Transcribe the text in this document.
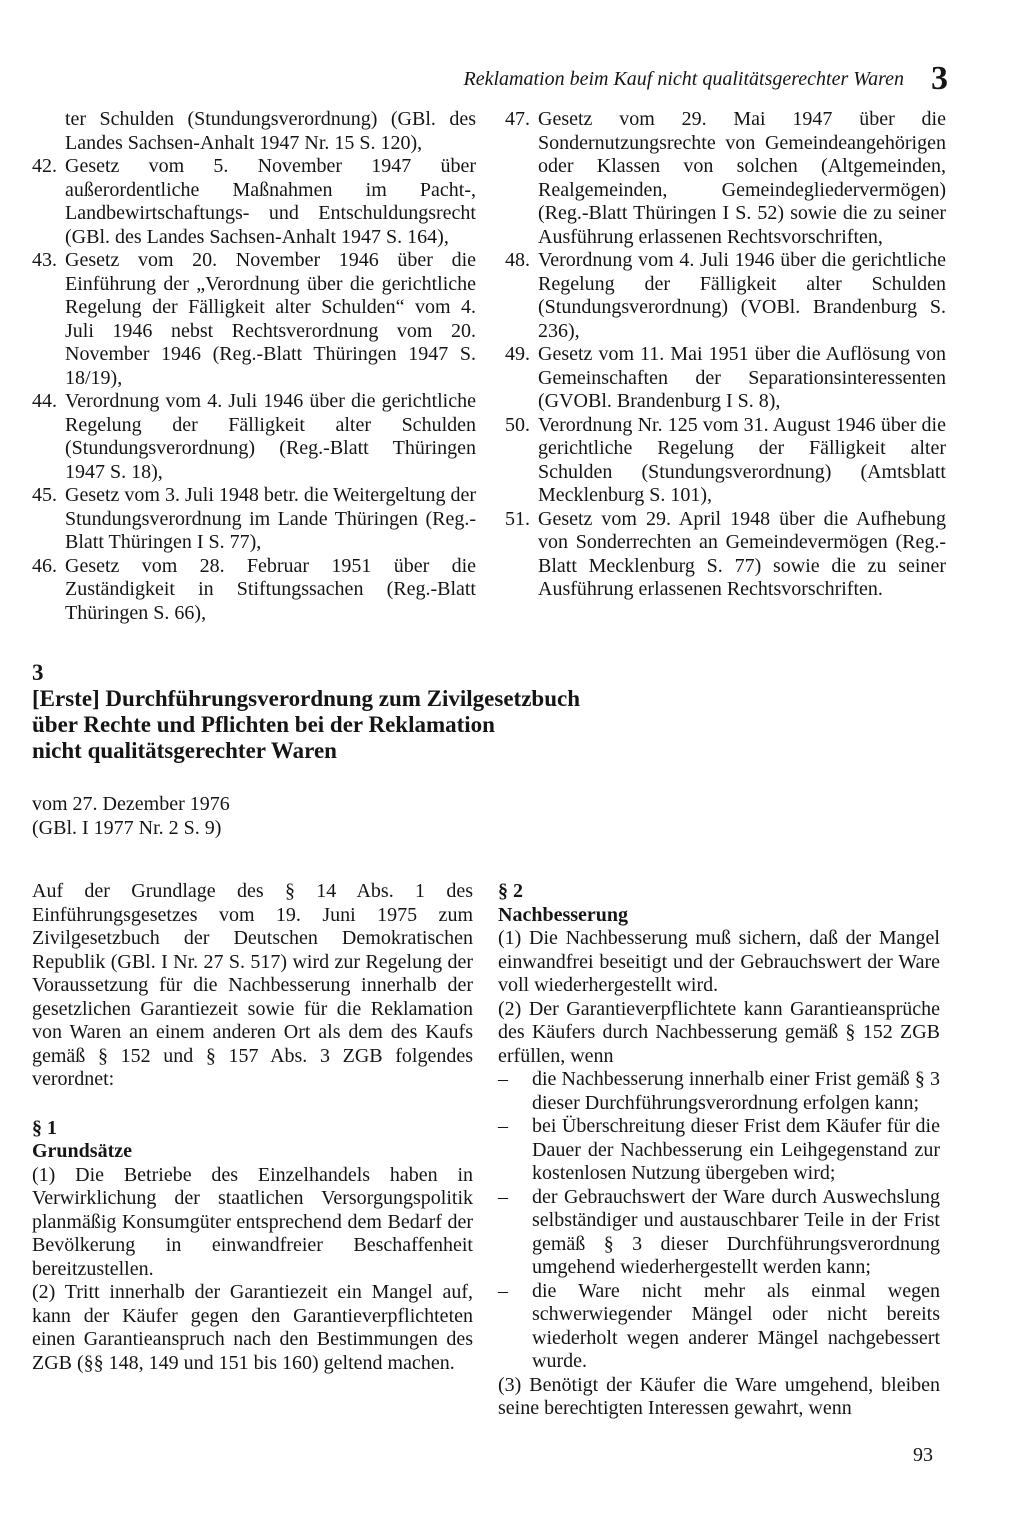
Reklamation beim Kauf nicht qualitätsgerechter Waren 3
ter Schulden (Stundungsverordnung) (GBl. des Landes Sachsen-Anhalt 1947 Nr. 15 S. 120),
42. Gesetz vom 5. November 1947 über außerordentliche Maßnahmen im Pacht-, Landbewirtschaftungs- und Entschuldungsrecht (GBl. des Landes Sachsen-Anhalt 1947 S. 164),
43. Gesetz vom 20. November 1946 über die Einführung der „Verordnung über die gerichtliche Regelung der Fälligkeit alter Schulden“ vom 4. Juli 1946 nebst Rechtsverordnung vom 20. November 1946 (Reg.-Blatt Thüringen 1947 S. 18/19),
44. Verordnung vom 4. Juli 1946 über die gerichtliche Regelung der Fälligkeit alter Schulden (Stundungsverordnung) (Reg.-Blatt Thüringen 1947 S. 18),
45. Gesetz vom 3. Juli 1948 betr. die Weitergeltung der Stundungsverordnung im Lande Thüringen (Reg.-Blatt Thüringen I S. 77),
46. Gesetz vom 28. Februar 1951 über die Zuständigkeit in Stiftungssachen (Reg.-Blatt Thüringen S. 66),
47. Gesetz vom 29. Mai 1947 über die Sondernutzungsrechte von Gemeindeangehörigen oder Klassen von solchen (Altgemeinden, Realgemeinden, Gemeindegliedervermögen) (Reg.-Blatt Thüringen I S. 52) sowie die zu seiner Ausführung erlassenen Rechtsvorschriften,
48. Verordnung vom 4. Juli 1946 über die gerichtliche Regelung der Fälligkeit alter Schulden (Stundungsverordnung) (VOBl. Brandenburg S. 236),
49. Gesetz vom 11. Mai 1951 über die Auflösung von Gemeinschaften der Separationsinteressenten (GVOBl. Brandenburg I S. 8),
50. Verordnung Nr. 125 vom 31. August 1946 über die gerichtliche Regelung der Fälligkeit alter Schulden (Stundungsverordnung) (Amtsblatt Mecklenburg S. 101),
51. Gesetz vom 29. April 1948 über die Aufhebung von Sonderrechten an Gemeindevermögen (Reg.-Blatt Mecklenburg S. 77) sowie die zu seiner Ausführung erlassenen Rechtsvorschriften.
3
[Erste] Durchführungsverordnung zum Zivilgesetzbuch
über Rechte und Pflichten bei der Reklamation
nicht qualitätsgerechter Waren
vom 27. Dezember 1976
(GBl. I 1977 Nr. 2 S. 9)
Auf der Grundlage des § 14 Abs. 1 des Einführungsgesetzes vom 19. Juni 1975 zum Zivilgesetzbuch der Deutschen Demokratischen Republik (GBl. I Nr. 27 S. 517) wird zur Regelung der Voraussetzung für die Nachbesserung innerhalb der gesetzlichen Garantiezeit sowie für die Reklamation von Waren an einem anderen Ort als dem des Kaufs gemäß § 152 und § 157 Abs. 3 ZGB folgendes verordnet:
§ 1
Grundsätze
(1) Die Betriebe des Einzelhandels haben in Verwirklichung der staatlichen Versorgungspolitik planmäßig Konsumgüter entsprechend dem Bedarf der Bevölkerung in einwandfreier Beschaffenheit bereitzustellen.
(2) Tritt innerhalb der Garantiezeit ein Mangel auf, kann der Käufer gegen den Garantieverpflichteten einen Garantieanspruch nach den Bestimmungen des ZGB (§§ 148, 149 und 151 bis 160) geltend machen.
§ 2
Nachbesserung
(1) Die Nachbesserung muß sichern, daß der Mangel einwandfrei beseitigt und der Gebrauchswert der Ware voll wiederhergestellt wird.
(2) Der Garantieverpflichtete kann Garantieansprüche des Käufers durch Nachbesserung gemäß § 152 ZGB erfüllen, wenn
– die Nachbesserung innerhalb einer Frist gemäß § 3 dieser Durchführungsverordnung erfolgen kann;
– bei Überschreitung dieser Frist dem Käufer für die Dauer der Nachbesserung ein Leihgegenstand zur kostenlosen Nutzung übergeben wird;
– der Gebrauchswert der Ware durch Auswechslung selbständiger und austauschbarer Teile in der Frist gemäß § 3 dieser Durchführungsverordnung umgehend wiederhergestellt werden kann;
– die Ware nicht mehr als einmal wegen schwerwiegender Mängel oder nicht bereits wiederholt wegen anderer Mängel nachgebessert wurde.
(3) Benötigt der Käufer die Ware umgehend, bleiben seine berechtigten Interessen gewahrt, wenn
93
